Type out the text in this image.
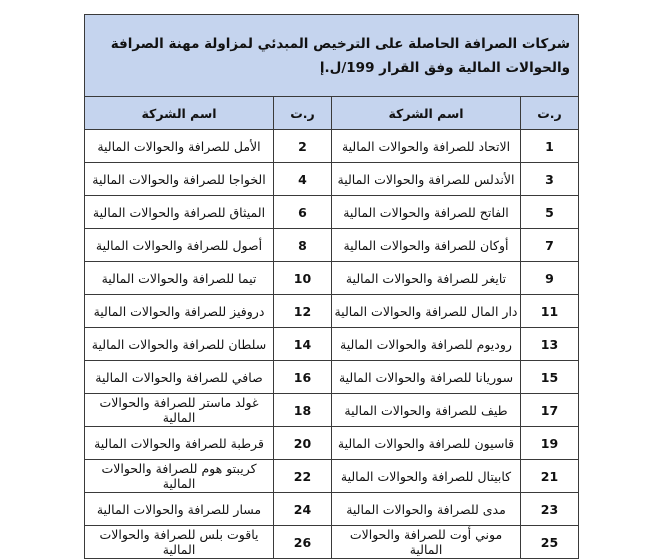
شركات الصرافة الحاصلة على الترخيص المبدئي لمزاولة مهنة الصرافة والحوالات المالية وفق القرار 199/ل.إ			
ر.ت	اسم الشركة	ر.ت	اسم الشركة
1	الاتحاد للصرافة والحوالات المالية	2	الأمل للصرافة والحوالات المالية
3	الأندلس للصرافة والحوالات المالية	4	الخواجا للصرافة والحوالات المالية
5	الفاتح للصرافة والحوالات المالية	6	الميثاق للصرافة والحوالات المالية
7	أوكان للصرافة والحوالات المالية	8	أصول للصرافة والحوالات المالية
9	تايغر للصرافة والحوالات المالية	10	تيما للصرافة والحوالات المالية
11	دار المال للصرافة والحوالات المالية	12	دروفيز للصرافة والحوالات المالية
13	روديوم للصرافة والحوالات المالية	14	سلطان للصرافة والحوالات المالية
15	سوريانا للصرافة والحوالات المالية	16	صافي للصرافة والحوالات المالية
17	طيف للصرافة والحوالات المالية	18	غولد ماستر للصرافة والحوالات المالية
19	قاسيون للصرافة والحوالات المالية	20	قرطبة للصرافة والحوالات المالية
21	كابيتال للصرافة والحوالات المالية	22	كريبتو هوم للصرافة والحوالات المالية
23	مدى للصرافة والحوالات المالية	24	مسار للصرافة والحوالات المالية
25	موني أوت للصرافة والحوالات المالية	26	ياقوت بلس للصرافة والحوالات المالية
